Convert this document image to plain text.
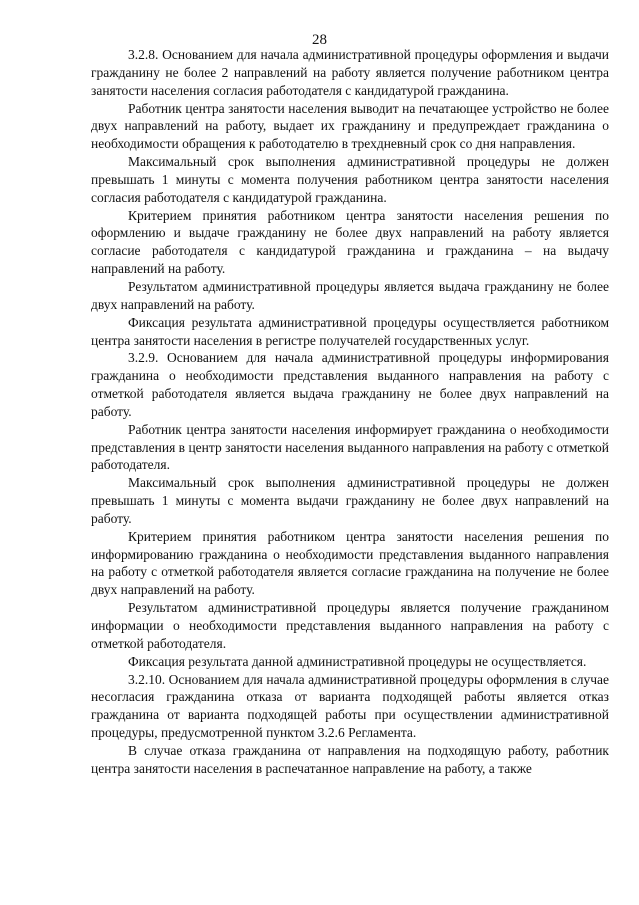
28

3.2.8. Основанием для начала административной процедуры оформления и выдачи гражданину не более 2 направлений на работу является получение работником центра занятости населения согласия работодателя с кандидатурой гражданина.

Работник центра занятости населения выводит на печатающее устройство не более двух направлений на работу, выдает их гражданину и предупреждает гражданина о необходимости обращения к работодателю в трехдневный срок со дня направления.

Максимальный срок выполнения административной процедуры не должен превышать 1 минуты с момента получения работником центра занятости населения согласия работодателя с кандидатурой гражданина.

Критерием принятия работником центра занятости населения решения по оформлению и выдаче гражданину не более двух направлений на работу является согласие работодателя с кандидатурой гражданина и гражданина – на выдачу направлений на работу.

Результатом административной процедуры является выдача гражданину не более двух направлений на работу.

Фиксация результата административной процедуры осуществляется работником центра занятости населения в регистре получателей государственных услуг.

3.2.9. Основанием для начала административной процедуры информирования гражданина о необходимости представления выданного направления на работу с отметкой работодателя является выдача гражданину не более двух направлений на работу.

Работник центра занятости населения информирует гражданина о необходимости представления в центр занятости населения выданного направления на работу с отметкой работодателя.

Максимальный срок выполнения административной процедуры не должен превышать 1 минуты с момента выдачи гражданину не более двух направлений на работу.

Критерием принятия работником центра занятости населения решения по информированию гражданина о необходимости представления выданного направления на работу с отметкой работодателя является согласие гражданина на получение не более двух направлений на работу.

Результатом административной процедуры является получение гражданином информации о необходимости представления выданного направления на работу с отметкой работодателя.

Фиксация результата данной административной процедуры не осуществляется.

3.2.10. Основанием для начала административной процедуры оформления в случае несогласия гражданина отказа от варианта подходящей работы является отказ гражданина от варианта подходящей работы при осуществлении административной процедуры, предусмотренной пунктом 3.2.6 Регламента.

В случае отказа гражданина от направления на подходящую работу, работник центра занятости населения в распечатанное направление на работу, а также
